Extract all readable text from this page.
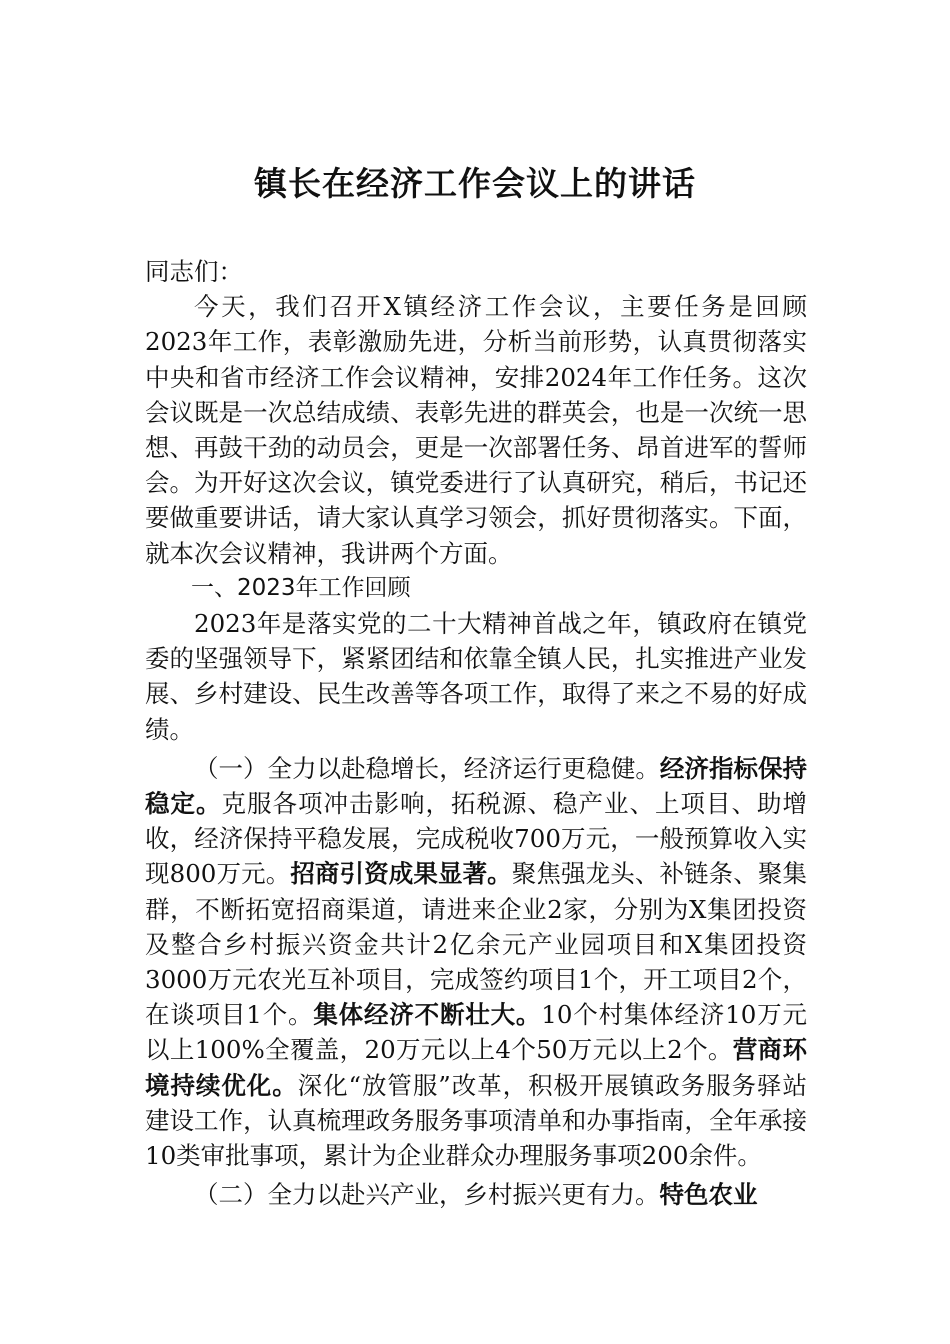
镇长在经济工作会议上的讲话

同志们：

今天，我们召开X镇经济工作会议，主要任务是回顾2023年工作，表彰激励先进，分析当前形势，认真贯彻落实中央和省市经济工作会议精神，安排2024年工作任务。这次会议既是一次总结成绩、表彰先进的群英会，也是一次统一思想、再鼓干劲的动员会，更是一次部署任务、昂首进军的誓师会。为开好这次会议，镇党委进行了认真研究，稍后，书记还要做重要讲话，请大家认真学习领会，抓好贯彻落实。下面，就本次会议精神，我讲两个方面。

一、2023年工作回顾

2023年是落实党的二十大精神首战之年，镇政府在镇党委的坚强领导下，紧紧团结和依靠全镇人民，扎实推进产业发展、乡村建设、民生改善等各项工作，取得了来之不易的好成绩。

（一）全力以赴稳增长，经济运行更稳健。经济指标保持稳定。克服各项冲击影响，拓税源、稳产业、上项目、助增收，经济保持平稳发展，完成税收700万元，一般预算收入实现800万元。招商引资成果显著。聚焦强龙头、补链条、聚集群，不断拓宽招商渠道，请进来企业2家，分别为X集团投资及整合乡村振兴资金共计2亿余元产业园项目和X集团投资3000万元农光互补项目，完成签约项目1个，开工项目2个，在谈项目1个。集体经济不断壮大。10个村集体经济10万元以上100%全覆盖，20万元以上4个50万元以上2个。营商环境持续优化。深化“放管服”改革，积极开展镇政务服务驿站建设工作，认真梳理政务服务事项清单和办事指南，全年承接10类审批事项，累计为企业群众办理服务事项200余件。

（二）全力以赴兴产业，乡村振兴更有力。特色农业
